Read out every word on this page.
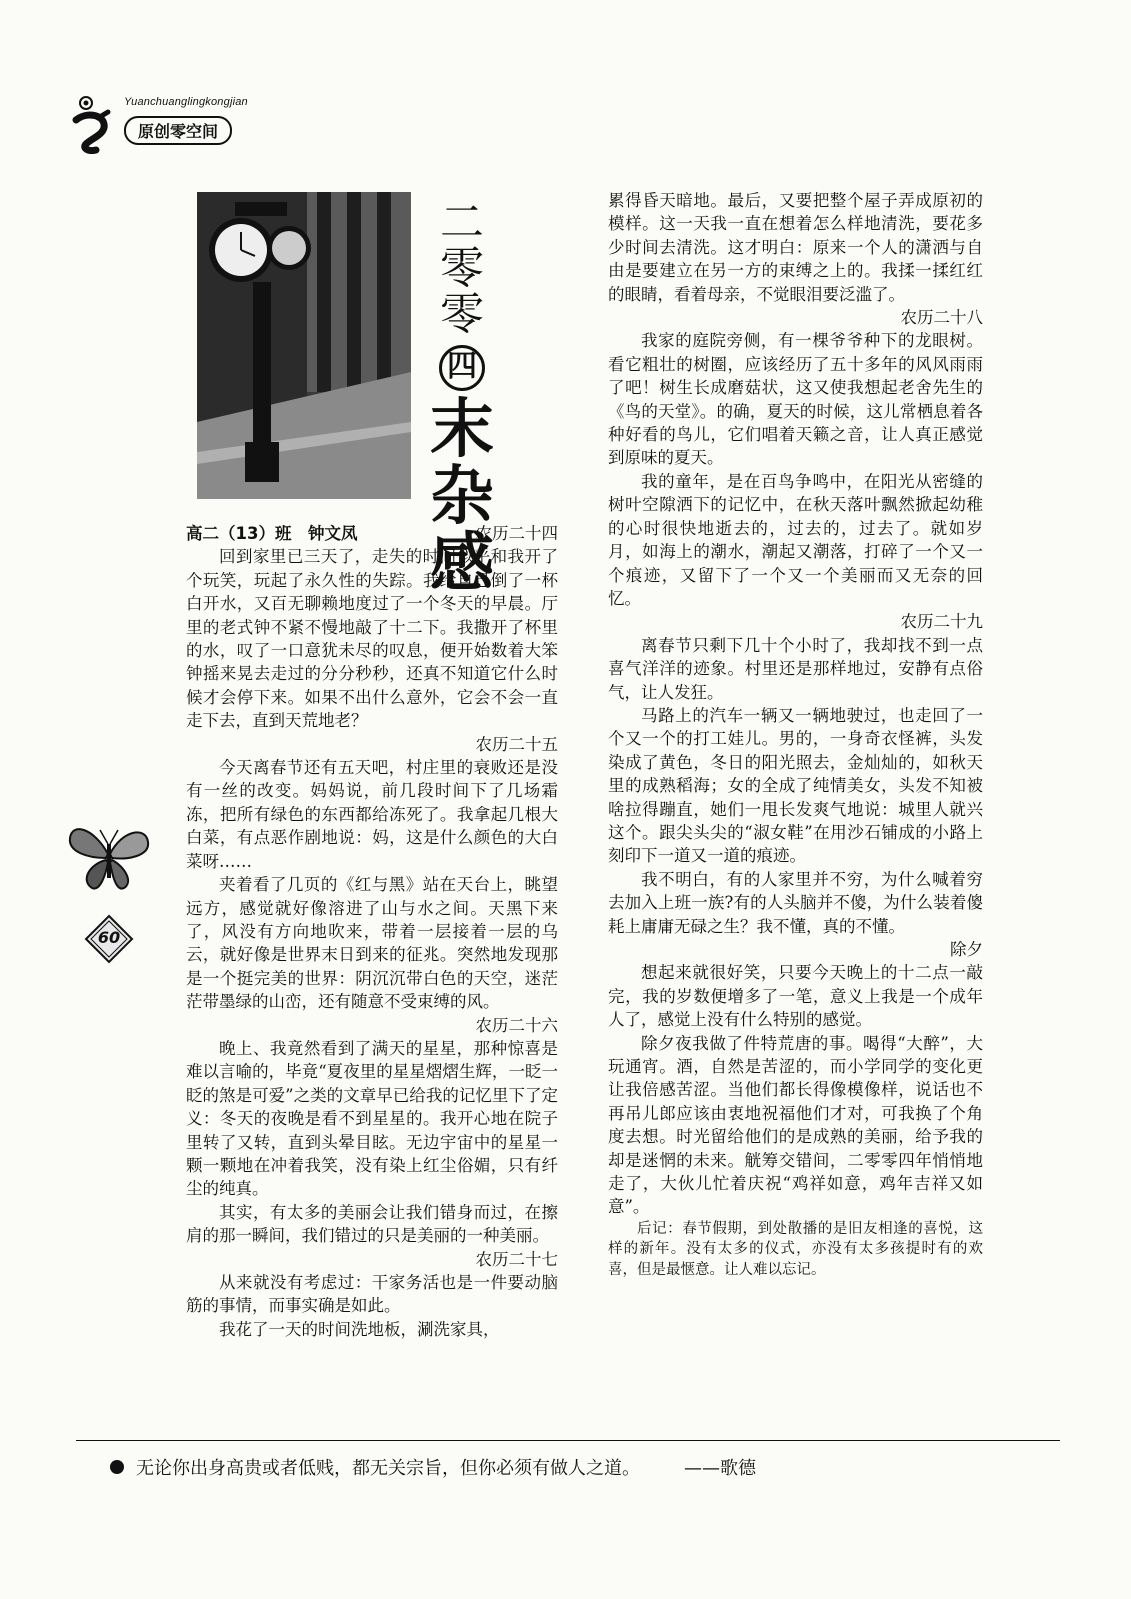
Yuanchuanglingkongjian
原创零空间
二
零
零
四
末
杂
感

高二（13）班　钟文凤	农历二十四

回到家里已三天了，走失的时间似乎和我开了个玩笑，玩起了永久性的失踪。我给自己倒了一杯白开水，又百无聊赖地度过了一个冬天的早晨。厅里的老式钟不紧不慢地敲了十二下。我撒开了杯里的水，叹了一口意犹未尽的叹息，便开始数着大笨钟摇来晃去走过的分分秒秒，还真不知道它什么时候才会停下来。如果不出什么意外，它会不会一直走下去，直到天荒地老？

农历二十五

今天离春节还有五天吧，村庄里的衰败还是没有一丝的改变。妈妈说，前几段时间下了几场霜冻，把所有绿色的东西都给冻死了。我拿起几根大白菜，有点恶作剧地说：妈，这是什么颜色的大白菜呀……

夹着看了几页的《红与黑》站在天台上，眺望远方，感觉就好像溶进了山与水之间。天黑下来了，风没有方向地吹来，带着一层接着一层的乌云，就好像是世界末日到来的征兆。突然地发现那是一个挺完美的世界：阴沉沉带白色的天空，迷茫茫带墨绿的山峦，还有随意不受束缚的风。

农历二十六

晚上、我竟然看到了满天的星星，那种惊喜是难以言喻的，毕竟“夏夜里的星星熠熠生辉，一眨一眨的煞是可爱”之类的文章早已给我的记忆里下了定义：冬天的夜晚是看不到星星的。我开心地在院子里转了又转，直到头晕目眩。无边宇宙中的星星一颗一颗地在冲着我笑，没有染上红尘俗媚，只有纤尘的纯真。

其实，有太多的美丽会让我们错身而过，在擦肩的那一瞬间，我们错过的只是美丽的一种美丽。

农历二十七

从来就没有考虑过：干家务活也是一件要动脑筋的事情，而事实确是如此。

我花了一天的时间洗地板，涮洗家具，

累得昏天暗地。最后，又要把整个屋子弄成原初的模样。这一天我一直在想着怎么样地清洗，要花多少时间去清洗。这才明白：原来一个人的潇洒与自由是要建立在另一方的束缚之上的。我揉一揉红红的眼睛，看着母亲，不觉眼泪要泛滥了。

农历二十八

我家的庭院旁侧，有一棵爷爷种下的龙眼树。看它粗壮的树圈，应该经历了五十多年的风风雨雨了吧！树生长成磨菇状，这又使我想起老舍先生的《鸟的天堂》。的确，夏天的时候，这儿常栖息着各种好看的鸟儿，它们唱着天籁之音，让人真正感觉到原味的夏天。

我的童年，是在百鸟争鸣中，在阳光从密缝的树叶空隙洒下的记忆中，在秋天落叶飘然掀起幼稚的心时很快地逝去的，过去的，过去了。就如岁月，如海上的潮水，潮起又潮落，打碎了一个又一个痕迹，又留下了一个又一个美丽而又无奈的回忆。

农历二十九

离春节只剩下几十个小时了，我却找不到一点喜气洋洋的迹象。村里还是那样地过，安静有点俗气，让人发狂。

马路上的汽车一辆又一辆地驶过，也走回了一个又一个的打工娃儿。男的，一身奇衣怪裤，头发染成了黄色，冬日的阳光照去，金灿灿的，如秋天里的成熟稻海；女的全成了纯情美女，头发不知被啥拉得蹦直，她们一甩长发爽气地说：城里人就兴这个。跟尖头尖的“淑女鞋”在用沙石铺成的小路上刻印下一道又一道的痕迹。

我不明白，有的人家里并不穷，为什么喊着穷去加入上班一族?有的人头脑并不傻，为什么装着傻耗上庸庸无碌之生？我不懂，真的不懂。

除夕

想起来就很好笑，只要今天晚上的十二点一敲完，我的岁数便增多了一笔，意义上我是一个成年人了，感觉上没有什么特别的感觉。

除夕夜我做了件特荒唐的事。喝得“大醉”，大玩通宵。酒，自然是苦涩的，而小学同学的变化更让我倍感苦涩。当他们都长得像模像样，说话也不再吊儿郎应该由衷地祝福他们才对，可我换了个角度去想。时光留给他们的是成熟的美丽，给予我的却是迷惘的未来。觥筹交错间，二零零四年悄悄地走了，大伙儿忙着庆祝“鸡祥如意，鸡年吉祥又如意”。

后记：春节假期，到处散播的是旧友相逢的喜悦，这样的新年。没有太多的仪式，亦没有太多孩提时有的欢喜，但是最惬意。让人难以忘记。

60
无论你出身高贵或者低贱，都无关宗旨，但你必须有做人之道。 ——歌德
